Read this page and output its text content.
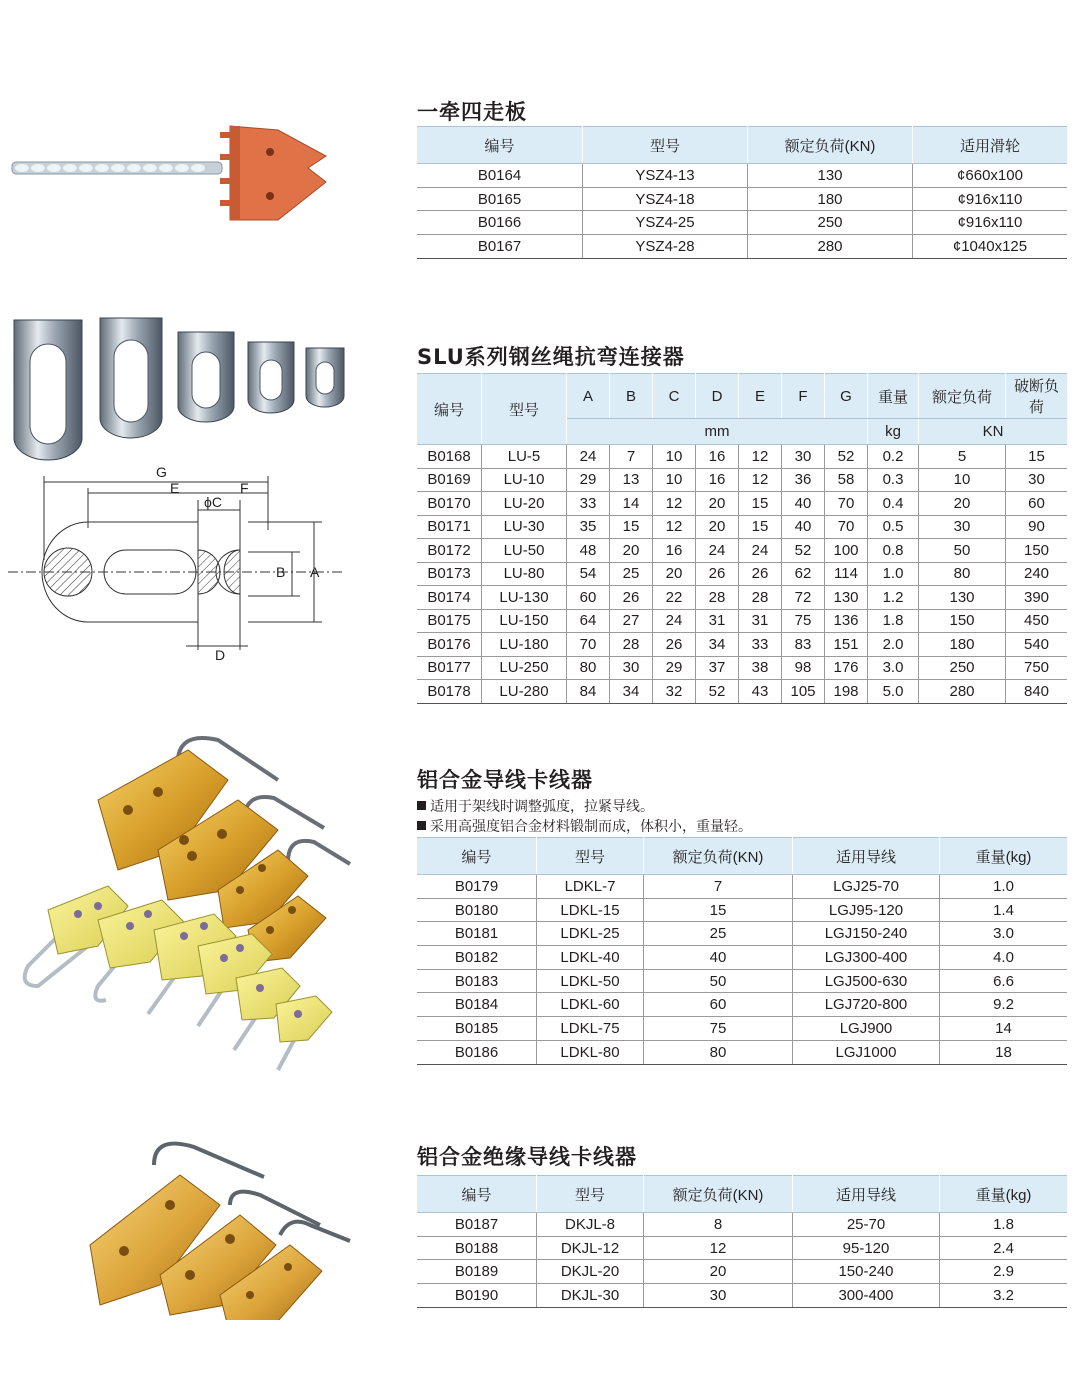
一牵四走板
编号	型号	额定负荷(KN)	适用滑轮
B0164	YSZ4-13	130	¢660x100
B0165	YSZ4-18	180	¢916x110
B0166	YSZ4-25	250	¢916x110
B0167	YSZ4-28	280	¢1040x125
G
E	F
ϕC
B A
D
SLU系列钢丝绳抗弯连接器
编号	型号	A	B	C	D	E	F	G	重量	额定负荷	破断负荷
		mm							kg	KN	
B0168	LU-5	24	7	10	16	12	30	52	0.2	5	15
B0169	LU-10	29	13	10	16	12	36	58	0.3	10	30
B0170	LU-20	33	14	12	20	15	40	70	0.4	20	60
B0171	LU-30	35	15	12	20	15	40	70	0.5	30	90
B0172	LU-50	48	20	16	24	24	52	100	0.8	50	150
B0173	LU-80	54	25	20	26	26	62	114	1.0	80	240
B0174	LU-130	60	26	22	28	28	72	130	1.2	130	390
B0175	LU-150	64	27	24	31	31	75	136	1.8	150	450
B0176	LU-180	70	28	26	34	33	83	151	2.0	180	540
B0177	LU-250	80	30	29	37	38	98	176	3.0	250	750
B0178	LU-280	84	34	32	52	43	105	198	5.0	280	840
铝合金导线卡线器
适用于架线时调整弧度，拉紧导线。
采用高强度铝合金材料锻制而成，体积小，重量轻。
编号	型号	额定负荷(KN)	适用导线	重量(kg)
B0179	LDKL-7	7	LGJ25-70	1.0
B0180	LDKL-15	15	LGJ95-120	1.4
B0181	LDKL-25	25	LGJ150-240	3.0
B0182	LDKL-40	40	LGJ300-400	4.0
B0183	LDKL-50	50	LGJ500-630	6.6
B0184	LDKL-60	60	LGJ720-800	9.2
B0185	LDKL-75	75	LGJ900	14
B0186	LDKL-80	80	LGJ1000	18
铝合金绝缘导线卡线器
编号	型号	额定负荷(KN)	适用导线	重量(kg)
B0187	DKJL-8	8	25-70	1.8
B0188	DKJL-12	12	95-120	2.4
B0189	DKJL-20	20	150-240	2.9
B0190	DKJL-30	30	300-400	3.2
